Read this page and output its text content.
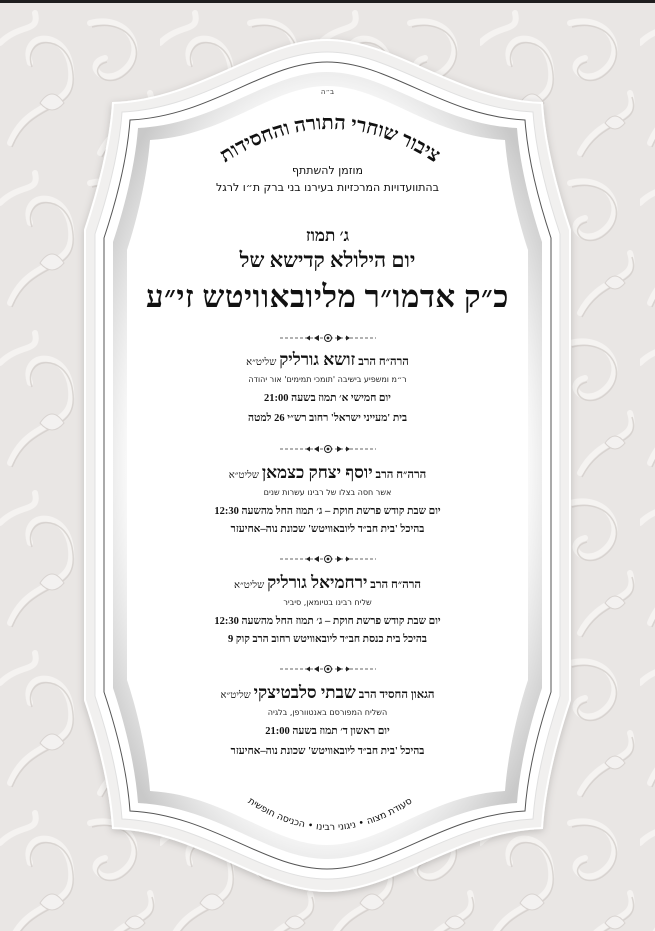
ב״ה
ציבור שוחרי התורה והחסידות
מוזמן להשתתף
בהתוועדויות המרכזיות בעירנו בני ברק ת״ו לרגל
ג׳ תמוז
יום הילולא קדישא של
כ״ק אדמו״ר מליובאוויטש זי״ע
הרה״ח הרב זושא גורליק שליט״א
ר״מ ומשפיע בישיבה 'תומכי תמימים' אור יהודה
יום חמישי א׳ תמוז בשעה 21:00
בית 'מעייני ישראל' רחוב רש״י 26 למטה
הרה״ח הרב יוסף יצחק כצמאן שליט״א
אשר חסה בצלו של רבינו עשרות שנים
יום שבת קודש פרשת חוקת – ג׳ תמוז החל מהשעה 12:30
בהיכל 'בית חב״ד ליובאוויטש' שכונת נוה–אחיעזר
הרה״ח הרב ירחמיאל גורליק שליט״א
שליח רבינו בטיומאן, סיביר
יום שבת קודש פרשת חוקת – ג׳ תמוז החל מהשעה 12:30
בהיכל בית כנסת חב״ד ליובאוויטש רחוב הרב קוק 9
הגאון החסיד הרב שבתי סלבטיצקי שליט״א
השליח המפורסם באנטוורפן, בלגיה
יום ראשון ד׳ תמוז בשעה 21:00
בהיכל 'בית חב״ד ליובאוויטש' שכונת נוה–אחיעזר
סעודת מצוה • ניגוני רבינו • הכניסה חופשית
